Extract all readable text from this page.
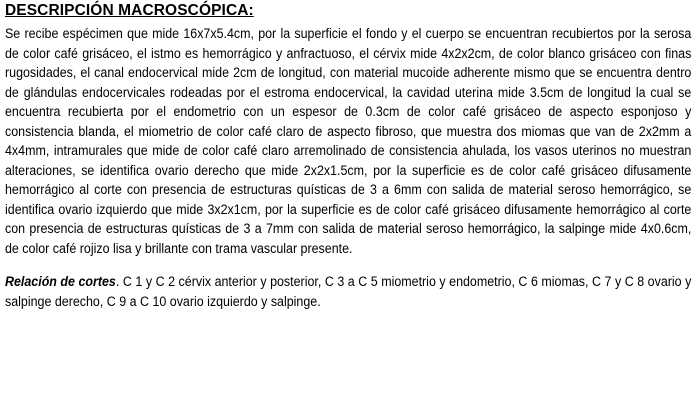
DESCRIPCIÓN MACROSCÓPICA:

Se recibe espécimen que mide 16x7x5.4cm, por la superficie el fondo y el cuerpo se encuentran recubiertos por la serosa de color café grisáceo, el istmo es hemorrágico y anfractuoso, el cérvix mide 4x2x2cm, de color blanco grisáceo con finas rugosidades, el canal endocervical mide 2cm de longitud, con material mucoide adherente mismo que se encuentra dentro de glándulas endocervicales rodeadas por el estroma endocervical, la cavidad uterina mide 3.5cm de longitud la cual se encuentra recubierta por el endometrio con un espesor de 0.3cm de color café grisáceo de aspecto esponjoso y consistencia blanda, el miometrio de color café claro de aspecto fibroso, que muestra dos miomas que van de 2x2mm a 4x4mm, intramurales que mide de color café claro arremolinado de consistencia ahulada, los vasos uterinos no muestran alteraciones, se identifica ovario derecho que mide 2x2x1.5cm, por la superficie es de color café grisáceo difusamente hemorrágico al corte con presencia de estructuras quísticas de 3 a 6mm con salida de material seroso hemorrágico, se identifica ovario izquierdo que mide 3x2x1cm, por la superficie es de color café grisáceo difusamente hemorrágico al corte con presencia de estructuras quísticas de 3 a 7mm con salida de material seroso hemorrágico, la salpinge mide 4x0.6cm, de color café rojizo lisa y brillante con trama vascular presente.

Relación de cortes. C 1 y C 2 cérvix anterior y posterior, C 3 a C 5 miometrio y endometrio, C 6 miomas, C 7 y C 8 ovario y salpinge derecho, C 9 a C 10 ovario izquierdo y salpinge.
